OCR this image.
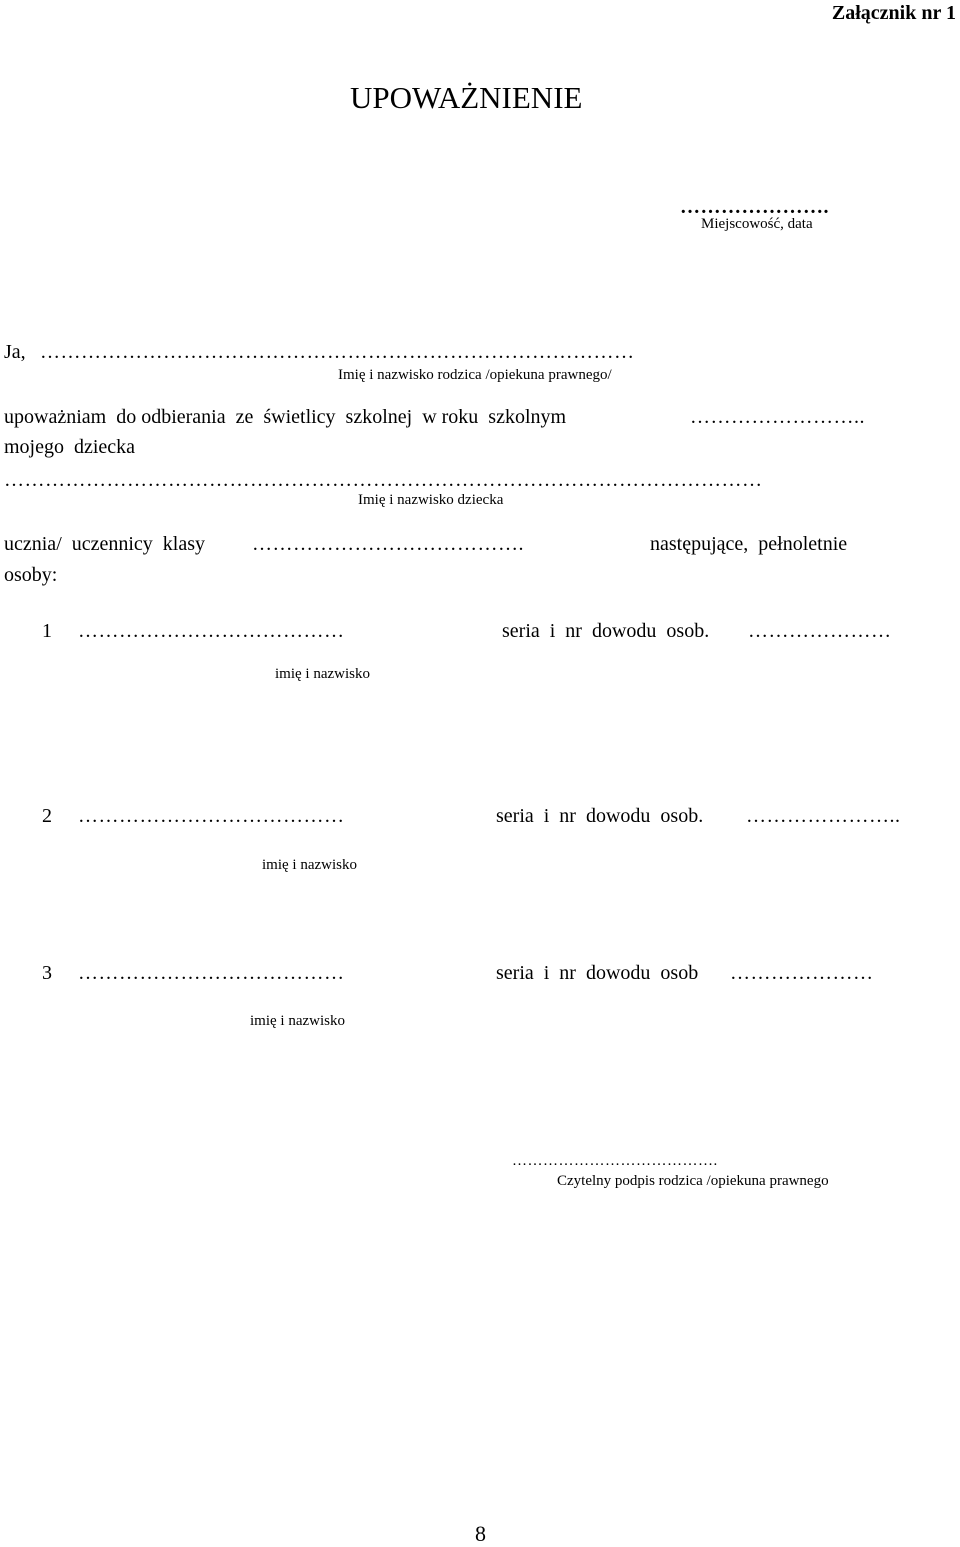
Załącznik nr 1
UPOWAŻNIENIE
………………….
Miejscowość, data
Ja, ……………………………………………………………………………
Imię i nazwisko rodzica /opiekuna prawnego/
upoważniam  do odbierania  ze  świetlicy  szkolnej  w roku  szkolnym	……………………..
mojego  dziecka
…………………………………………………………………………………………………
Imię i nazwisko dziecka
ucznia/  uczennicy  klasy ………………………………….	następujące,  pełnoletnie
osoby:
1 …………………………………	seria  i  nr  dowodu  osob. …………………
imię i nazwisko
2 …………………………………	seria  i  nr  dowodu  osob. …………………..
imię i nazwisko
3 …………………………………	seria  i  nr  dowodu  osob …………………
imię i nazwisko
………………………………….
Czytelny podpis rodzica /opiekuna prawnego
8
